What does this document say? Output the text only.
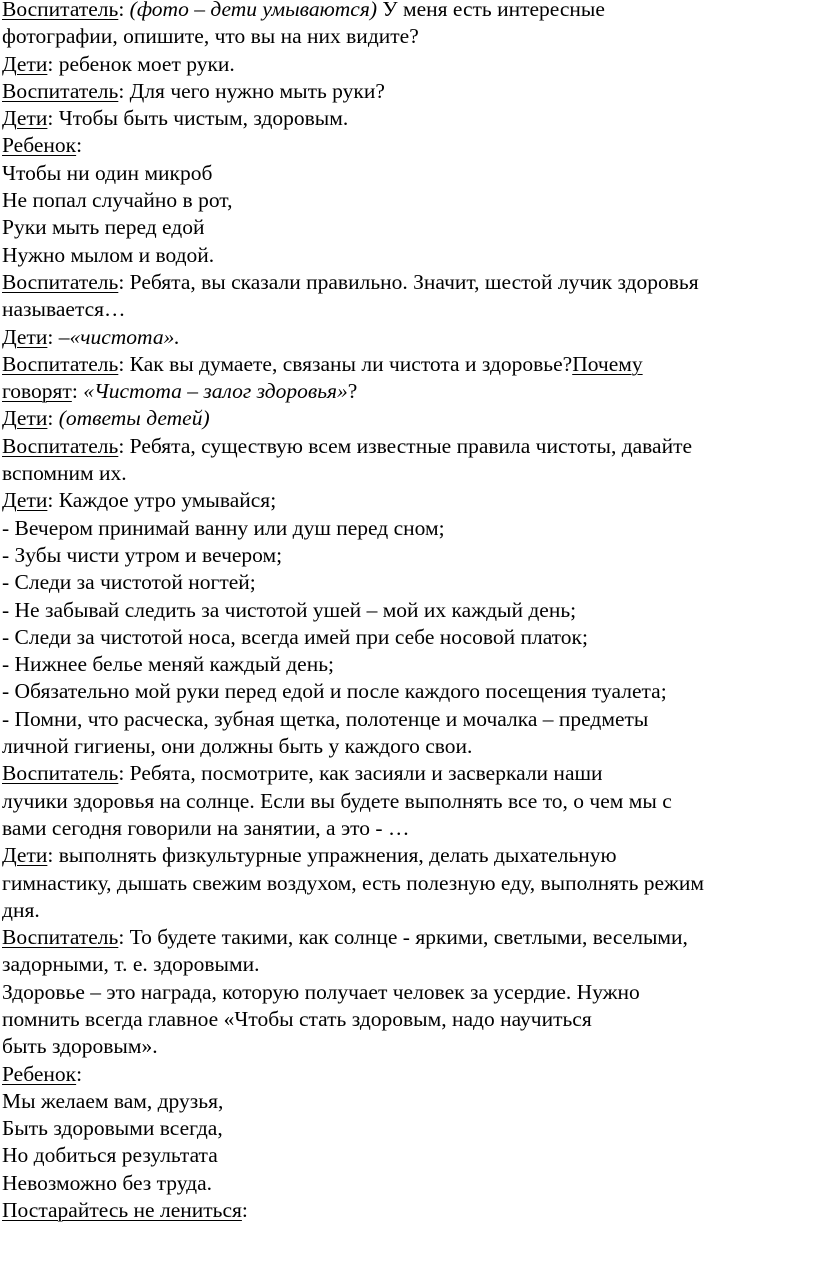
Воспитатель: (фото – дети умываются) У меня есть интересные
фотографии, опишите, что вы на них видите?
Дети: ребенок моет руки.
Воспитатель: Для чего нужно мыть руки?
Дети: Чтобы быть чистым, здоровым.
Ребенок:
Чтобы ни один микроб
Не попал случайно в рот,
Руки мыть перед едой
Нужно мылом и водой.
Воспитатель: Ребята, вы сказали правильно. Значит, шестой лучик здоровья
называется…
Дети: –«чистота».
Воспитатель: Как вы думаете, связаны ли чистота и здоровье?Почему
говорят: «Чистота – залог здоровья»?
Дети: (ответы детей)
Воспитатель: Ребята, существую всем известные правила чистоты, давайте
вспомним их.
Дети: Каждое утро умывайся;
- Вечером принимай ванну или душ перед сном;
- Зубы чисти утром и вечером;
- Следи за чистотой ногтей;
- Не забывай следить за чистотой ушей – мой их каждый день;
- Следи за чистотой носа, всегда имей при себе носовой платок;
- Нижнее белье меняй каждый день;
- Обязательно мой руки перед едой и после каждого посещения туалета;
- Помни, что расческа, зубная щетка, полотенце и мочалка – предметы
личной гигиены, они должны быть у каждого свои.
Воспитатель: Ребята, посмотрите, как засияли и засверкали наши
лучики здоровья на солнце. Если вы будете выполнять все то, о чем мы с
вами сегодня говорили на занятии, а это - …
Дети: выполнять физкультурные упражнения, делать дыхательную
гимнастику, дышать свежим воздухом, есть полезную еду, выполнять режим
дня.
Воспитатель: То будете такими, как солнце - яркими, светлыми, веселыми,
задорными, т. е. здоровыми.
Здоровье – это награда, которую получает человек за усердие. Нужно
помнить всегда главное «Чтобы стать здоровым, надо научиться
быть здоровым».
Ребенок:
Мы желаем вам, друзья,
Быть здоровыми всегда,
Но добиться результата
Невозможно без труда.
Постарайтесь не лениться:
